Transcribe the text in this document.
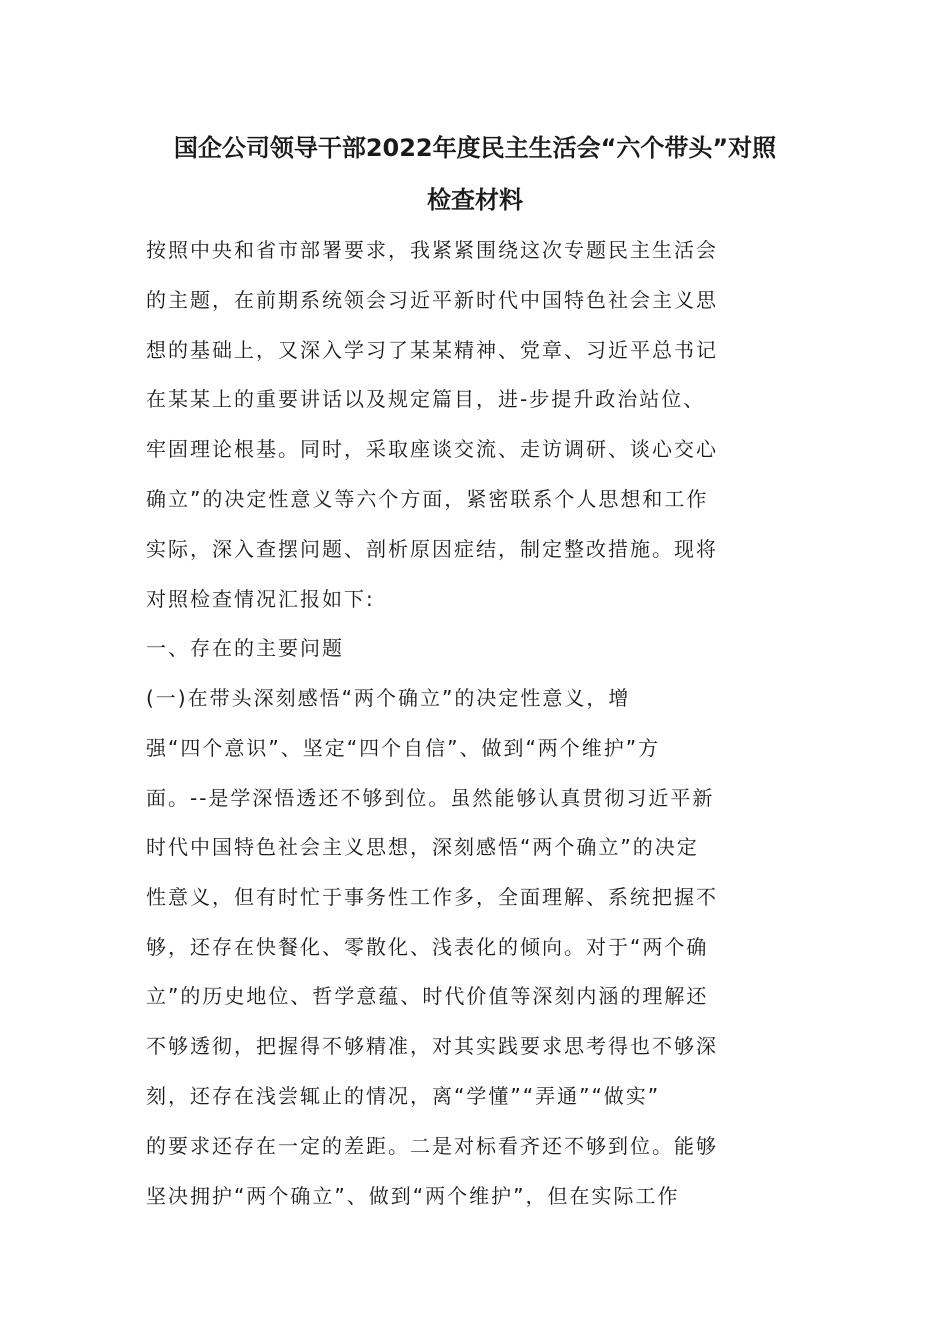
国企公司领导干部2022年度民主生活会“六个带头”对照
检查材料
按照中央和省市部署要求，我紧紧围绕这次专题民主生活会
的主题，在前期系统领会习近平新时代中国特色社会主义思
想的基础上，又深入学习了某某精神、党章、习近平总书记
在某某上的重要讲话以及规定篇目，进-步提升政治站位、
牢固理论根基。同时，采取座谈交流、走访调研、谈心交心
确立”的决定性意义等六个方面，紧密联系个人思想和工作
实际，深入查摆问题、剖析原因症结，制定整改措施。现将
对照检查情况汇报如下:
一、存在的主要问题
(一)在带头深刻感悟“两个确立”的决定性意义，增
强“四个意识”、坚定“四个自信”、做到“两个维护”方
面。--是学深悟透还不够到位。虽然能够认真贯彻习近平新
时代中国特色社会主义思想，深刻感悟“两个确立”的决定
性意义，但有时忙于事务性工作多，全面理解、系统把握不
够，还存在快餐化、零散化、浅表化的倾向。对于“两个确
立”的历史地位、哲学意蕴、时代价值等深刻内涵的理解还
不够透彻，把握得不够精准，对其实践要求思考得也不够深
刻，还存在浅尝辄止的情况，离“学懂”“弄通”“做实”
的要求还存在一定的差距。二是对标看齐还不够到位。能够
坚决拥护“两个确立”、做到“两个维护”，但在实际工作
